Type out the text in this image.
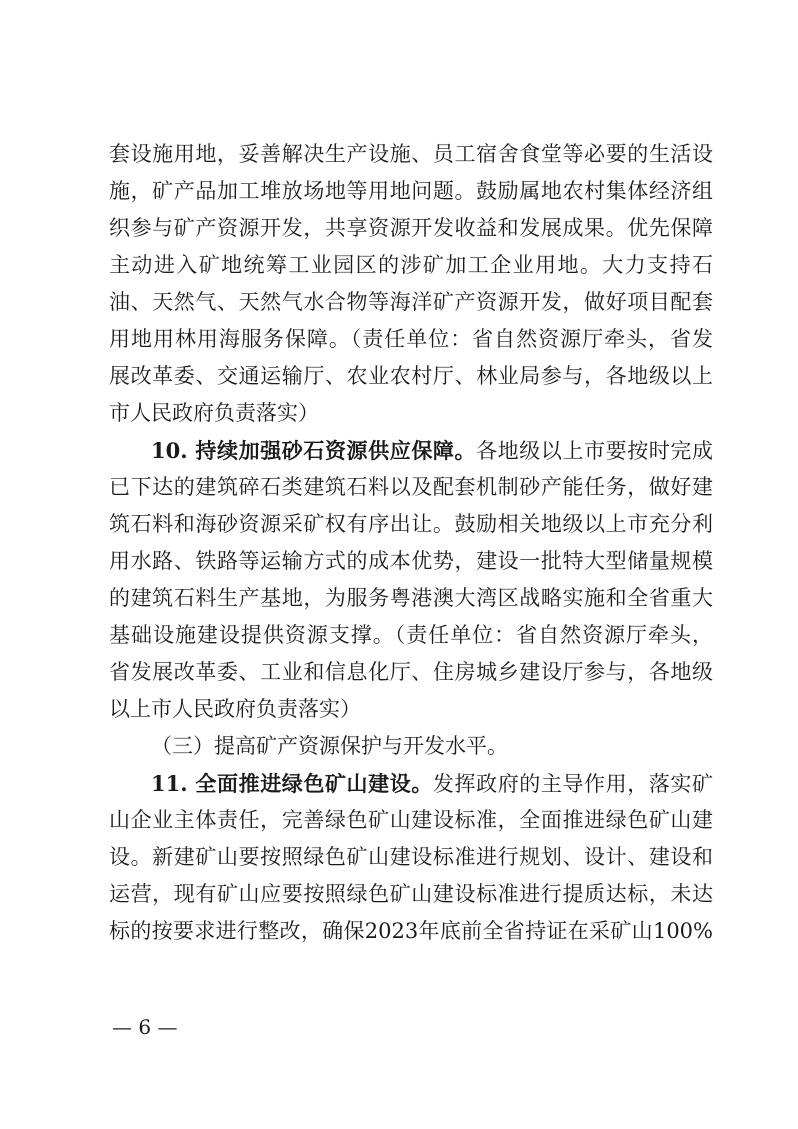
套设施用地，妥善解决生产设施、员工宿舍食堂等必要的生活设
施，矿产品加工堆放场地等用地问题。鼓励属地农村集体经济组
织参与矿产资源开发，共享资源开发收益和发展成果。优先保障
主动进入矿地统筹工业园区的涉矿加工企业用地。大力支持石
油、天然气、天然气水合物等海洋矿产资源开发，做好项目配套
用地用林用海服务保障。（责任单位：省自然资源厅牵头，省发
展改革委、交通运输厅、农业农村厅、林业局参与，各地级以上
市人民政府负责落实）
10. 持续加强砂石资源供应保障。各地级以上市要按时完成
已下达的建筑碎石类建筑石料以及配套机制砂产能任务，做好建
筑石料和海砂资源采矿权有序出让。鼓励相关地级以上市充分利
用水路、铁路等运输方式的成本优势，建设一批特大型储量规模
的建筑石料生产基地，为服务粤港澳大湾区战略实施和全省重大
基础设施建设提供资源支撑。（责任单位：省自然资源厅牵头，
省发展改革委、工业和信息化厅、住房城乡建设厅参与，各地级
以上市人民政府负责落实）
（三）提高矿产资源保护与开发水平。
11. 全面推进绿色矿山建设。发挥政府的主导作用，落实矿
山企业主体责任，完善绿色矿山建设标准，全面推进绿色矿山建
设。新建矿山要按照绿色矿山建设标准进行规划、设计、建设和
运营，现有矿山应要按照绿色矿山建设标准进行提质达标，未达
标的按要求进行整改，确保2023年底前全省持证在采矿山100%
— 6 —
